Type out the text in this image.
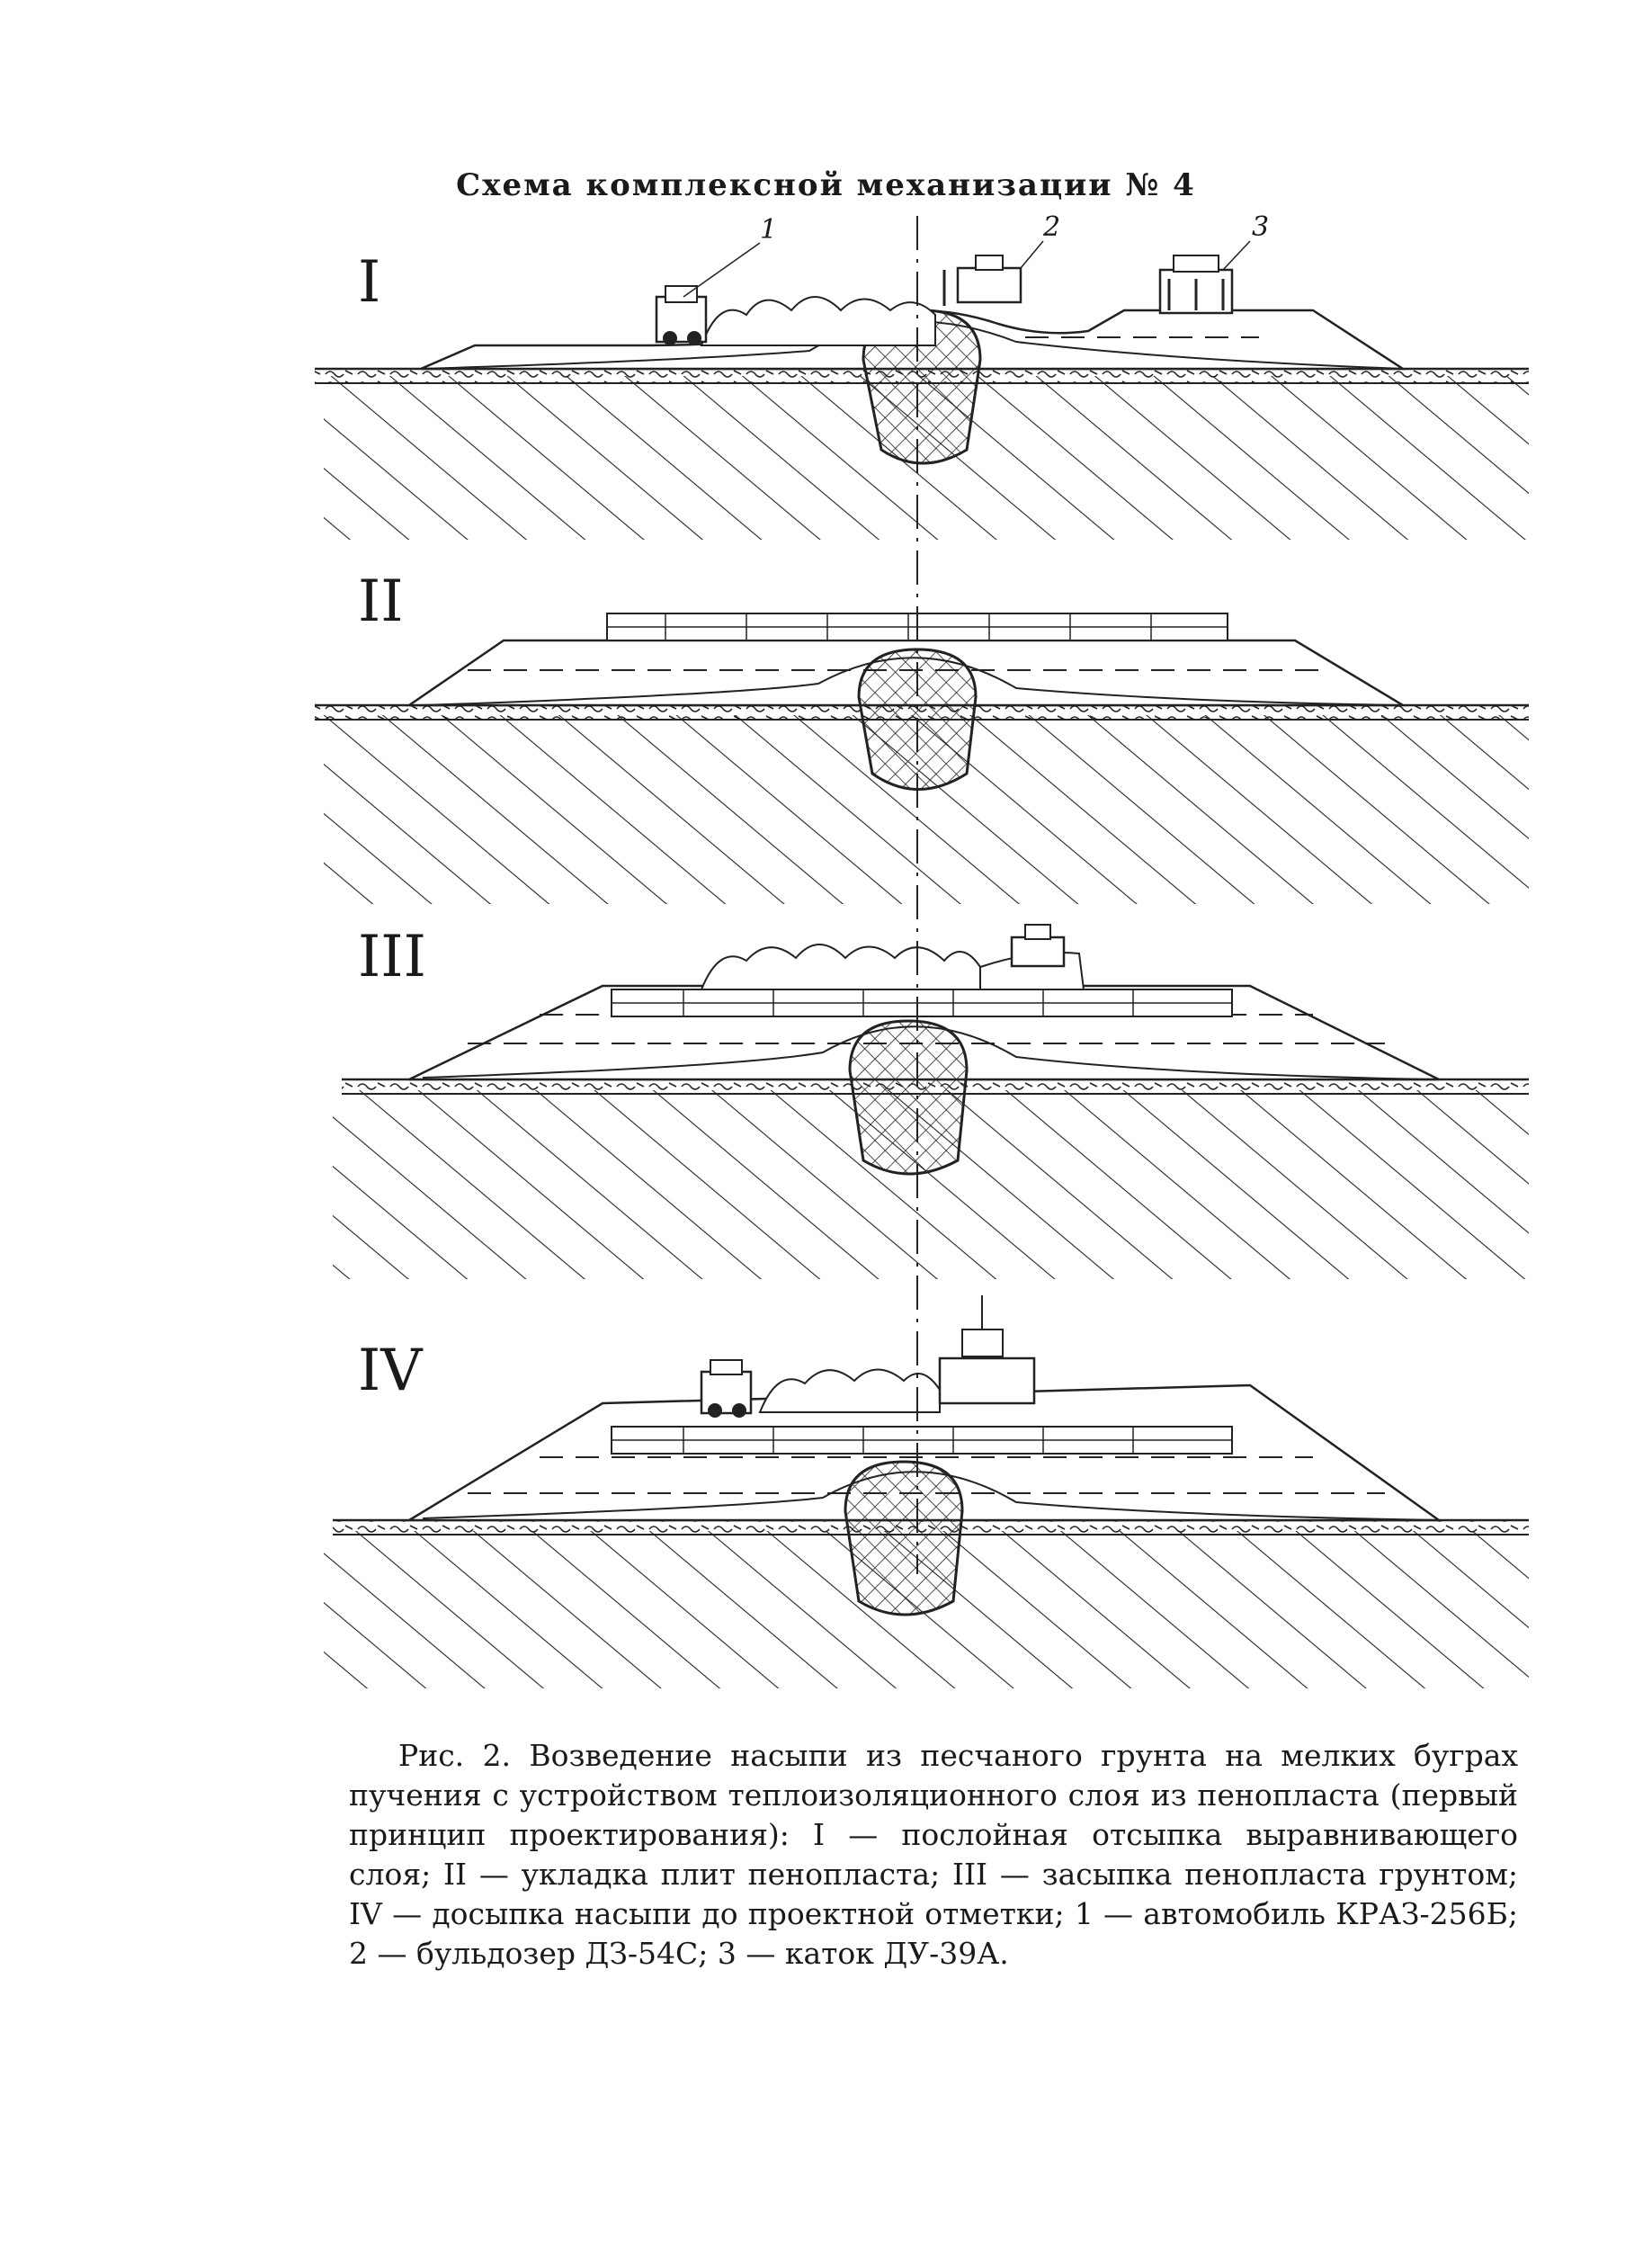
Схема комплексной механизации № 4
1	2	3
I
II
III
IV
Рис. 2. Возведение насыпи из песчаного грунта на мелких буграх пучения с устройством теплоизоляционного слоя из пенопласта (первый принцип проектирования): I — послойная отсыпка выравнивающего слоя; II — укладка плит пенопласта; III — засыпка пенопласта грунтом; IV — досыпка насыпи до проектной отметки; 1 — автомобиль КРАЗ-256Б; 2 — бульдозер ДЗ-54С; 3 — каток ДУ-39А.
